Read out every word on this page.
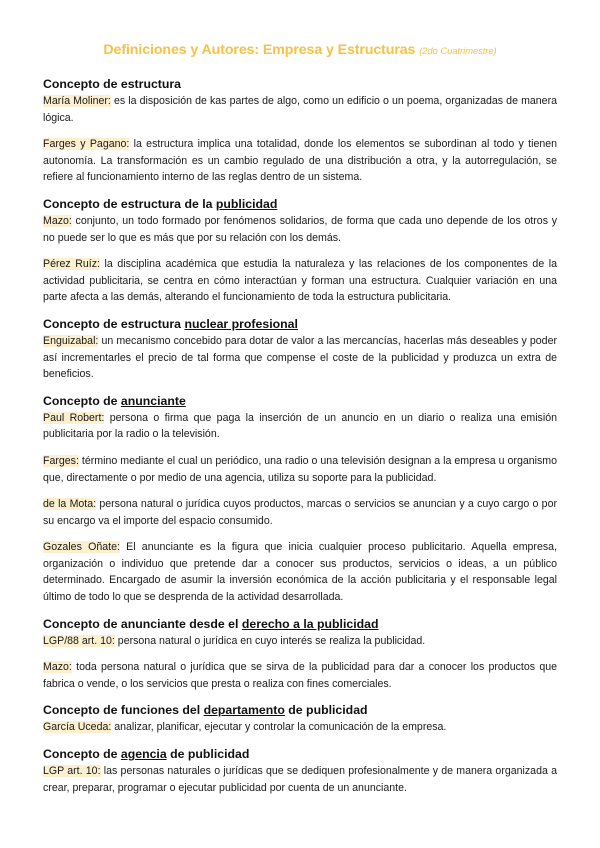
Definiciones y Autores: Empresa y Estructuras (2do Cuatrimestre)
Concepto de estructura

María Moliner: es la disposición de kas partes de algo, como un edificio o un poema, organizadas de manera lógica.

Farges y Pagano: la estructura implica una totalidad, donde los elementos se subordinan al todo y tienen autonomía. La transformación es un cambio regulado de una distribución a otra, y la autorregulación, se refiere al funcionamiento interno de las reglas dentro de un sistema.

Concepto de estructura de la publicidad

Mazo: conjunto, un todo formado por fenómenos solidarios, de forma que cada uno depende de los otros y no puede ser lo que es más que por su relación con los demás.

Pérez Ruíz: la disciplina académica que estudia la naturaleza y las relaciones de los componentes de la actividad publicitaria, se centra en cómo interactúan y forman una estructura. Cualquier variación en una parte afecta a las demás, alterando el funcionamiento de toda la estructura publicitaria.

Concepto de estructura nuclear profesional

Enguizabal: un mecanismo concebido para dotar de valor a las mercancías, hacerlas más deseables y poder así incrementarles el precio de tal forma que compense el coste de la publicidad y produzca un extra de beneficios.

Concepto de anunciante

Paul Robert: persona o firma que paga la inserción de un anuncio en un diario o realiza una emisión publicitaria por la radio o la televisión.

Farges: término mediante el cual un periódico, una radio o una televisión designan a la empresa u organismo que, directamente o por medio de una agencia, utiliza su soporte para la publicidad.

de la Mota: persona natural o jurídica cuyos productos, marcas o servicios se anuncian y a cuyo cargo o por su encargo va el importe del espacio consumido.

Gozales Oñate: El anunciante es la figura que inicia cualquier proceso publicitario. Aquella empresa, organización o individuo que pretende dar a conocer sus productos, servicios o ideas, a un público determinado. Encargado de asumir la inversión económica de la acción publicitaria y el responsable legal último de todo lo que se desprenda de la actividad desarrollada.

Concepto de anunciante desde el derecho a la publicidad

LGP/88 art. 10: persona natural o jurídica en cuyo interés se realiza la publicidad.

Mazo: toda persona natural o jurídica que se sirva de la publicidad para dar a conocer los productos que fabrica o vende, o los servicios que presta o realiza con fines comerciales.

Concepto de funciones del departamento de publicidad

García Uceda: analizar, planificar, ejecutar y controlar la comunicación de la empresa.

Concepto de agencia de publicidad

LGP art. 10: las personas naturales o jurídicas que se dediquen profesionalmente y de manera organizada a crear, preparar, programar o ejecutar publicidad por cuenta de un anunciante.
